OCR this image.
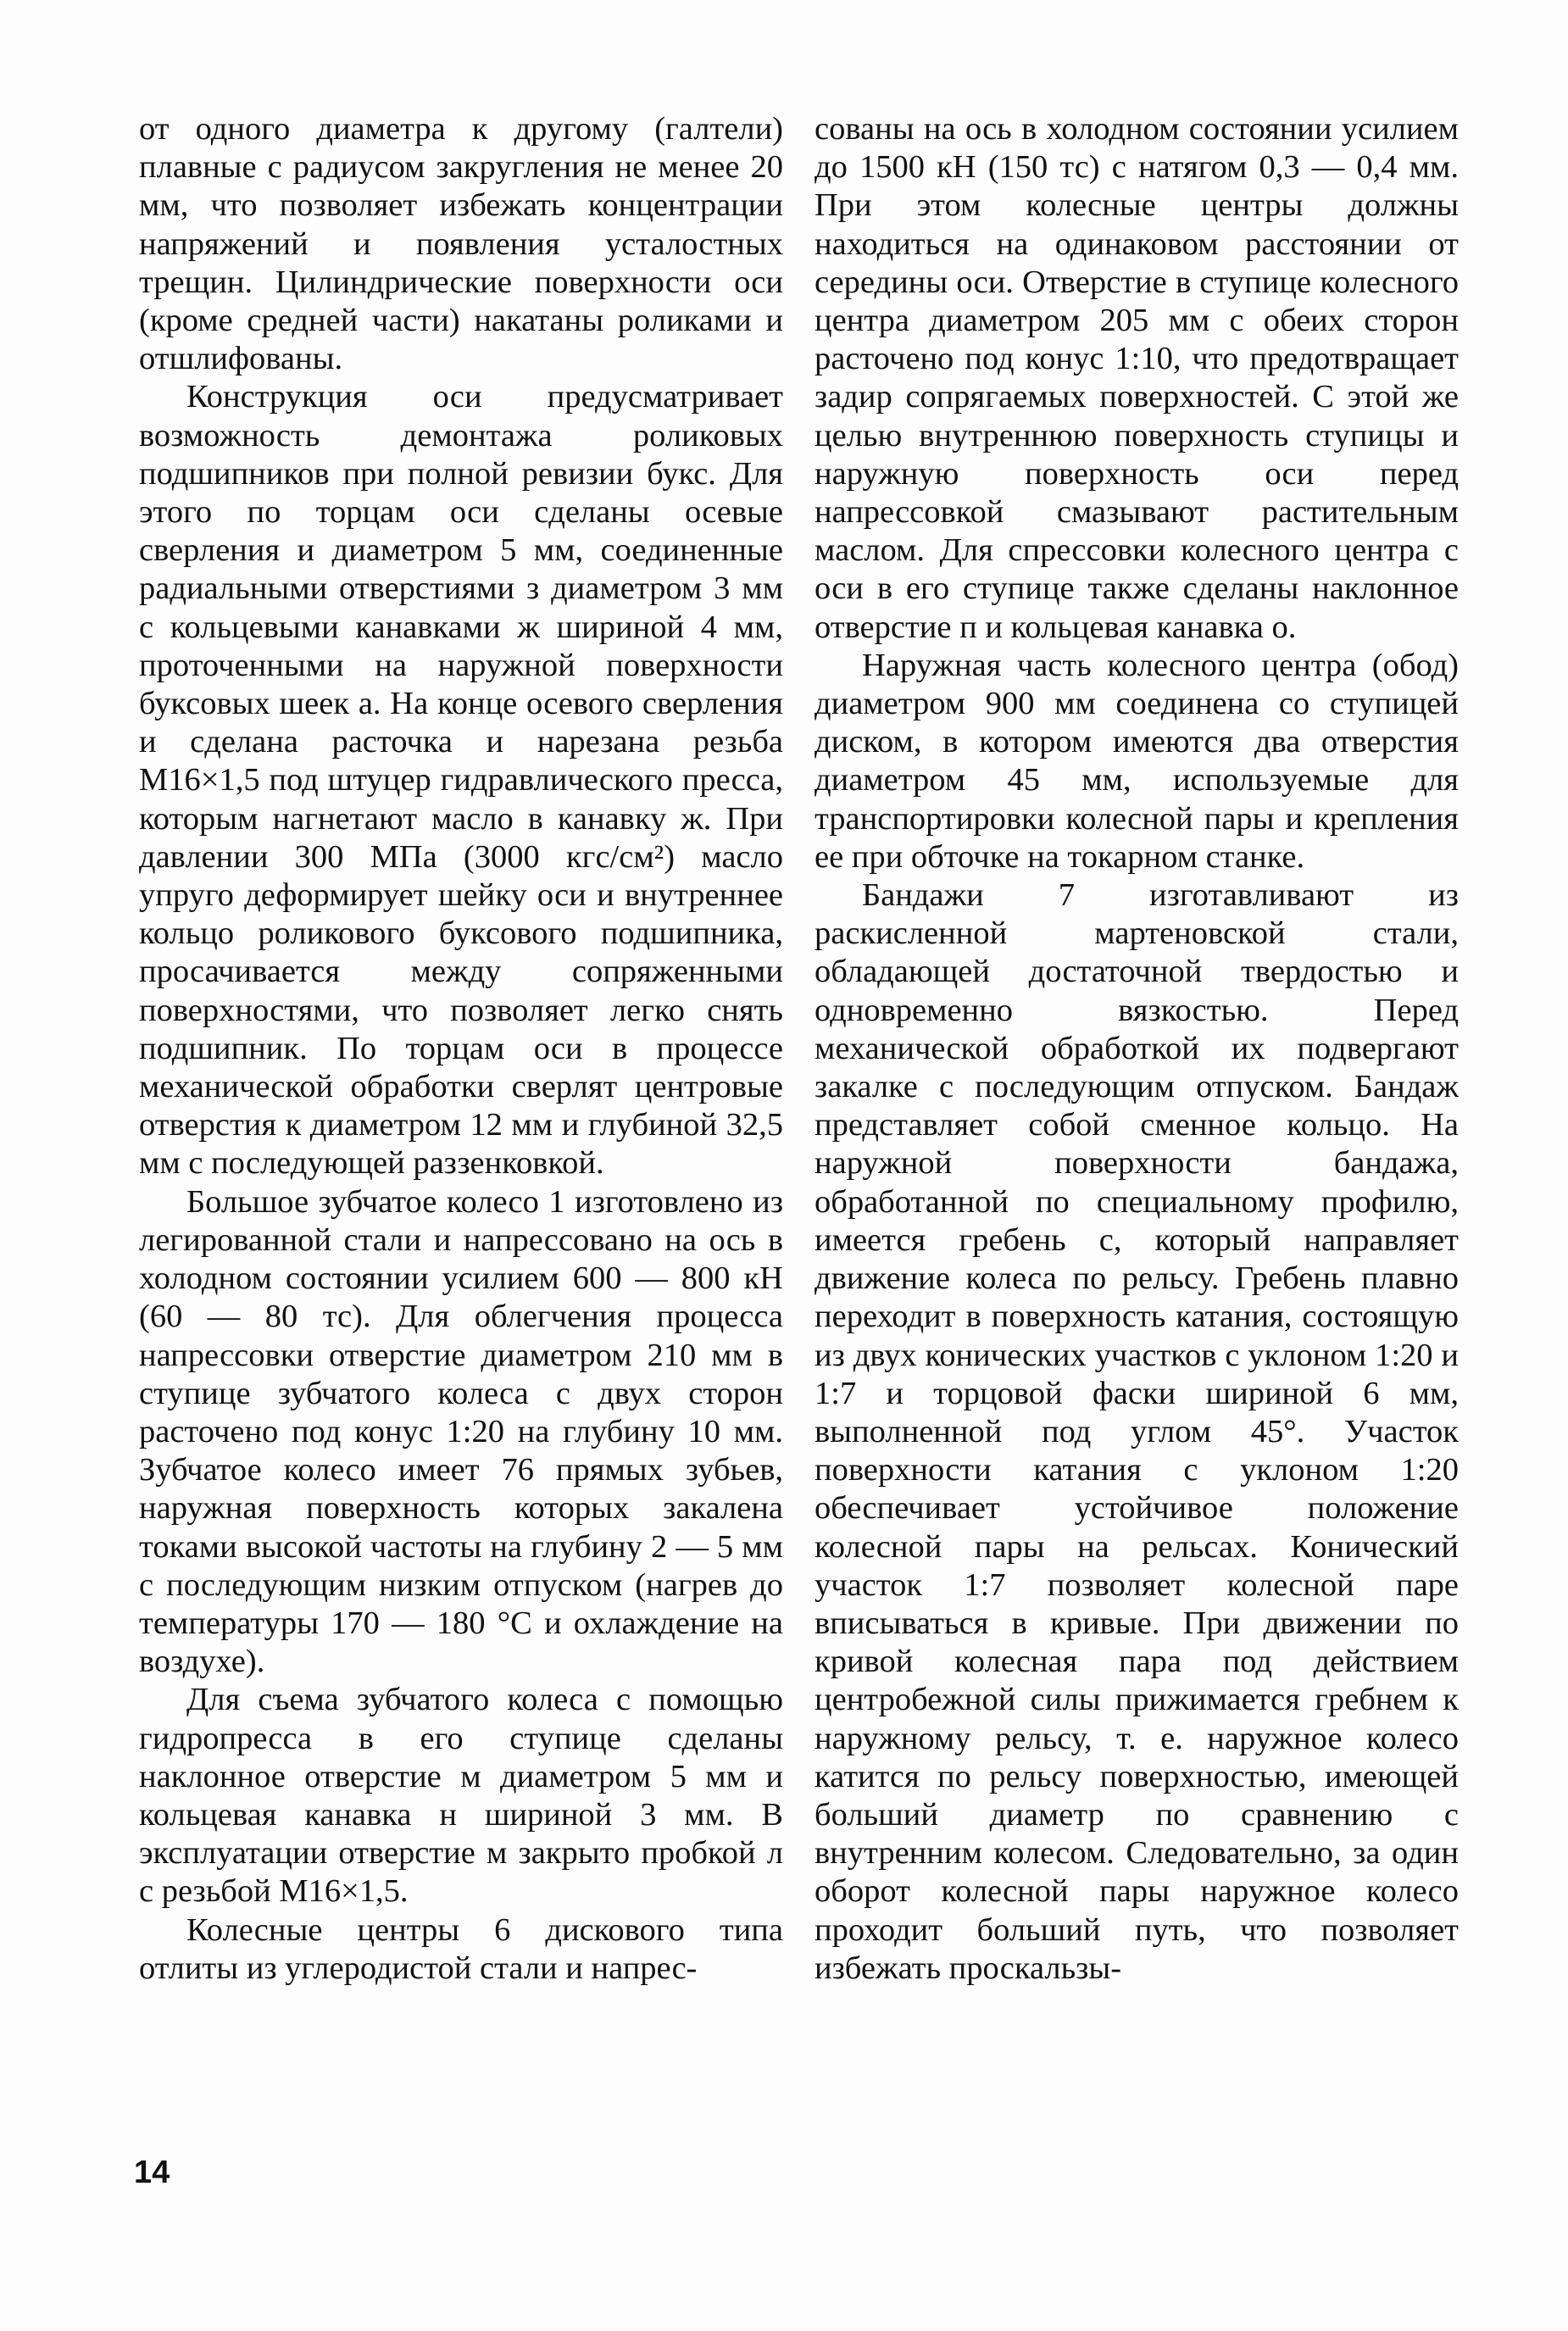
от одного диаметра к другому (галтели) плавные с радиусом закругления не менее 20 мм, что позволяет избежать концентрации напряжений и появления усталостных трещин. Цилиндрические поверхности оси (кроме средней части) накатаны роликами и отшлифованы.

Конструкция оси предусматривает возможность демонтажа роликовых подшипников при полной ревизии букс. Для этого по торцам оси сделаны осевые сверления и диаметром 5 мм, соединенные радиальными отверстиями з диаметром 3 мм с кольцевыми канавками ж шириной 4 мм, проточенными на наружной поверхности буксовых шеек а. На конце осевого сверления и сделана расточка и нарезана резьба М16×1,5 под штуцер гидравлического пресса, которым нагнетают масло в канавку ж. При давлении 300 МПа (3000 кгс/см²) масло упруго деформирует шейку оси и внутреннее кольцо роликового буксового подшипника, просачивается между сопряженными поверхностями, что позволяет легко снять подшипник. По торцам оси в процессе механической обработки сверлят центровые отверстия к диаметром 12 мм и глубиной 32,5 мм с последующей раззенковкой.

Большое зубчатое колесо 1 изготовлено из легированной стали и напрессовано на ось в холодном состоянии усилием 600 — 800 кН (60 — 80 тс). Для облегчения процесса напрессовки отверстие диаметром 210 мм в ступице зубчатого колеса с двух сторон расточено под конус 1:20 на глубину 10 мм. Зубчатое колесо имеет 76 прямых зубьев, наружная поверхность которых закалена токами высокой частоты на глубину 2 — 5 мм с последующим низким отпуском (нагрев до температуры 170 — 180 °С и охлаждение на воздухе).

Для съема зубчатого колеса с помощью гидропресса в его ступице сделаны наклонное отверстие м диаметром 5 мм и кольцевая канавка н шириной 3 мм. В эксплуатации отверстие м закрыто пробкой л с резьбой М16×1,5.

Колесные центры 6 дискового типа отлиты из углеродистой стали и напрес-

сованы на ось в холодном состоянии усилием до 1500 кН (150 тс) с натягом 0,3 — 0,4 мм. При этом колесные центры должны находиться на одинаковом расстоянии от середины оси. Отверстие в ступице колесного центра диаметром 205 мм с обеих сторон расточено под конус 1:10, что предотвращает задир сопрягаемых поверхностей. С этой же целью внутреннюю поверхность ступицы и наружную поверхность оси перед напрессовкой смазывают растительным маслом. Для спрессовки колесного центра с оси в его ступице также сделаны наклонное отверстие п и кольцевая канавка о.

Наружная часть колесного центра (обод) диаметром 900 мм соединена со ступицей диском, в котором имеются два отверстия диаметром 45 мм, используемые для транспортировки колесной пары и крепления ее при обточке на токарном станке.

Бандажи 7 изготавливают из раскисленной мартеновской стали, обладающей достаточной твердостью и одновременно вязкостью. Перед механической обработкой их подвергают закалке с последующим отпуском. Бандаж представляет собой сменное кольцо. На наружной поверхности бандажа, обработанной по специальному профилю, имеется гребень с, который направляет движение колеса по рельсу. Гребень плавно переходит в поверхность катания, состоящую из двух конических участков с уклоном 1:20 и 1:7 и торцовой фаски шириной 6 мм, выполненной под углом 45°. Участок поверхности катания с уклоном 1:20 обеспечивает устойчивое положение колесной пары на рельсах. Конический участок 1:7 позволяет колесной паре вписываться в кривые. При движении по кривой колесная пара под действием центробежной силы прижимается гребнем к наружному рельсу, т. е. наружное колесо катится по рельсу поверхностью, имеющей больший диаметр по сравнению с внутренним колесом. Следовательно, за один оборот колесной пары наружное колесо проходит больший путь, что позволяет избежать проскальзы-

14
